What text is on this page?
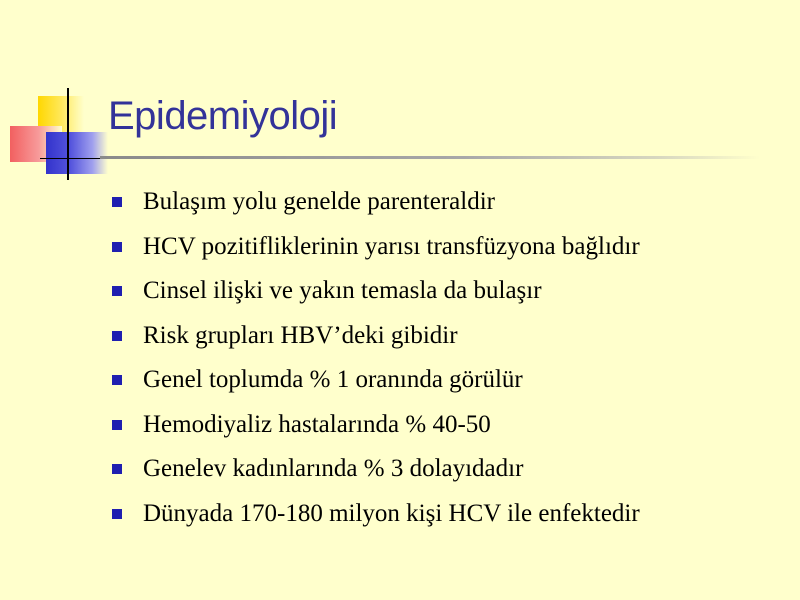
Epidemiyoloji
Bulaşım yolu genelde parenteraldir
HCV pozitifliklerinin yarısı transfüzyona bağlıdır
Cinsel ilişki ve yakın temasla da bulaşır
Risk grupları HBV’deki gibidir
Genel toplumda % 1 oranında görülür
Hemodiyaliz hastalarında % 40-50
Genelev kadınlarında % 3 dolayıdadır
Dünyada 170-180 milyon kişi HCV ile enfektedir
